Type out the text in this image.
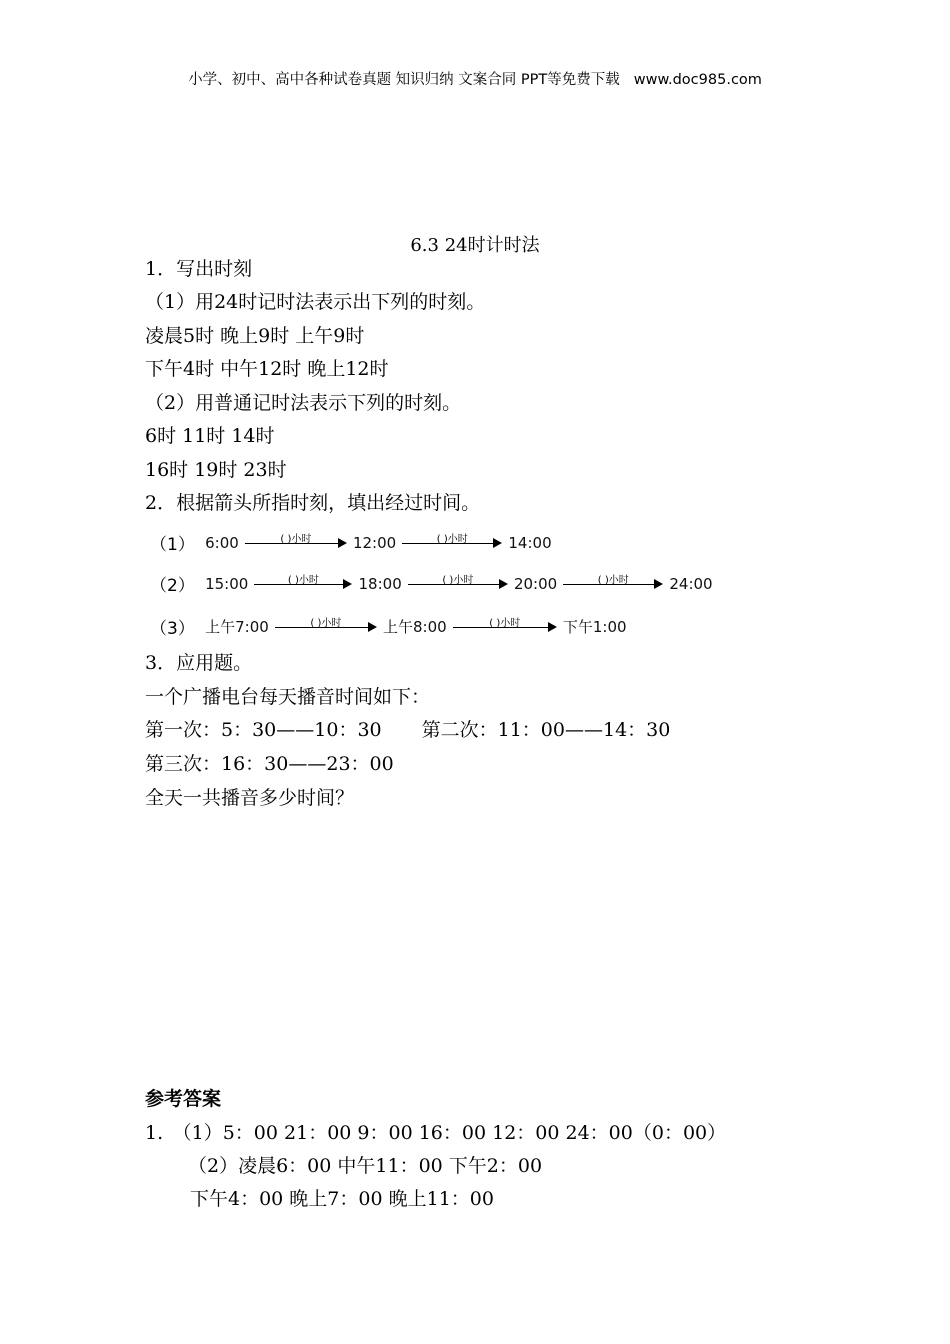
小学、初中、高中各种试卷真题 知识归纳 文案合同 PPT等免费下载 www.doc985.com
6.3 24时计时法
1．写出时刻
（1）用24时记时法表示出下列的时刻。
凌晨5时 晚上9时 上午9时
下午4时 中午12时 晚上12时
（2）用普通记时法表示下列的时刻。
6时 11时 14时
16时 19时 23时
2．根据箭头所指时刻，填出经过时间。
（1） 6:00	( )小时	12:00	( )小时	14:00
（2） 15:00	( )小时	18:00	( )小时	20:00	( )小时	24:00
（3） 上午7:00	( )小时	上午8:00	( )小时	下午1:00
3．应用题。
一个广播电台每天播音时间如下：
第一次：5：30——10：30 第二次：11：00——14：30
第三次：16：30——23：00
全天一共播音多少时间？
参考答案
1.　（1）5：00 21：00 9：00 16：00 12：00 24：00（0：00）
（2）凌晨6：00 中午11：00 下午2：00
下午4：00 晚上7：00 晚上11：00
